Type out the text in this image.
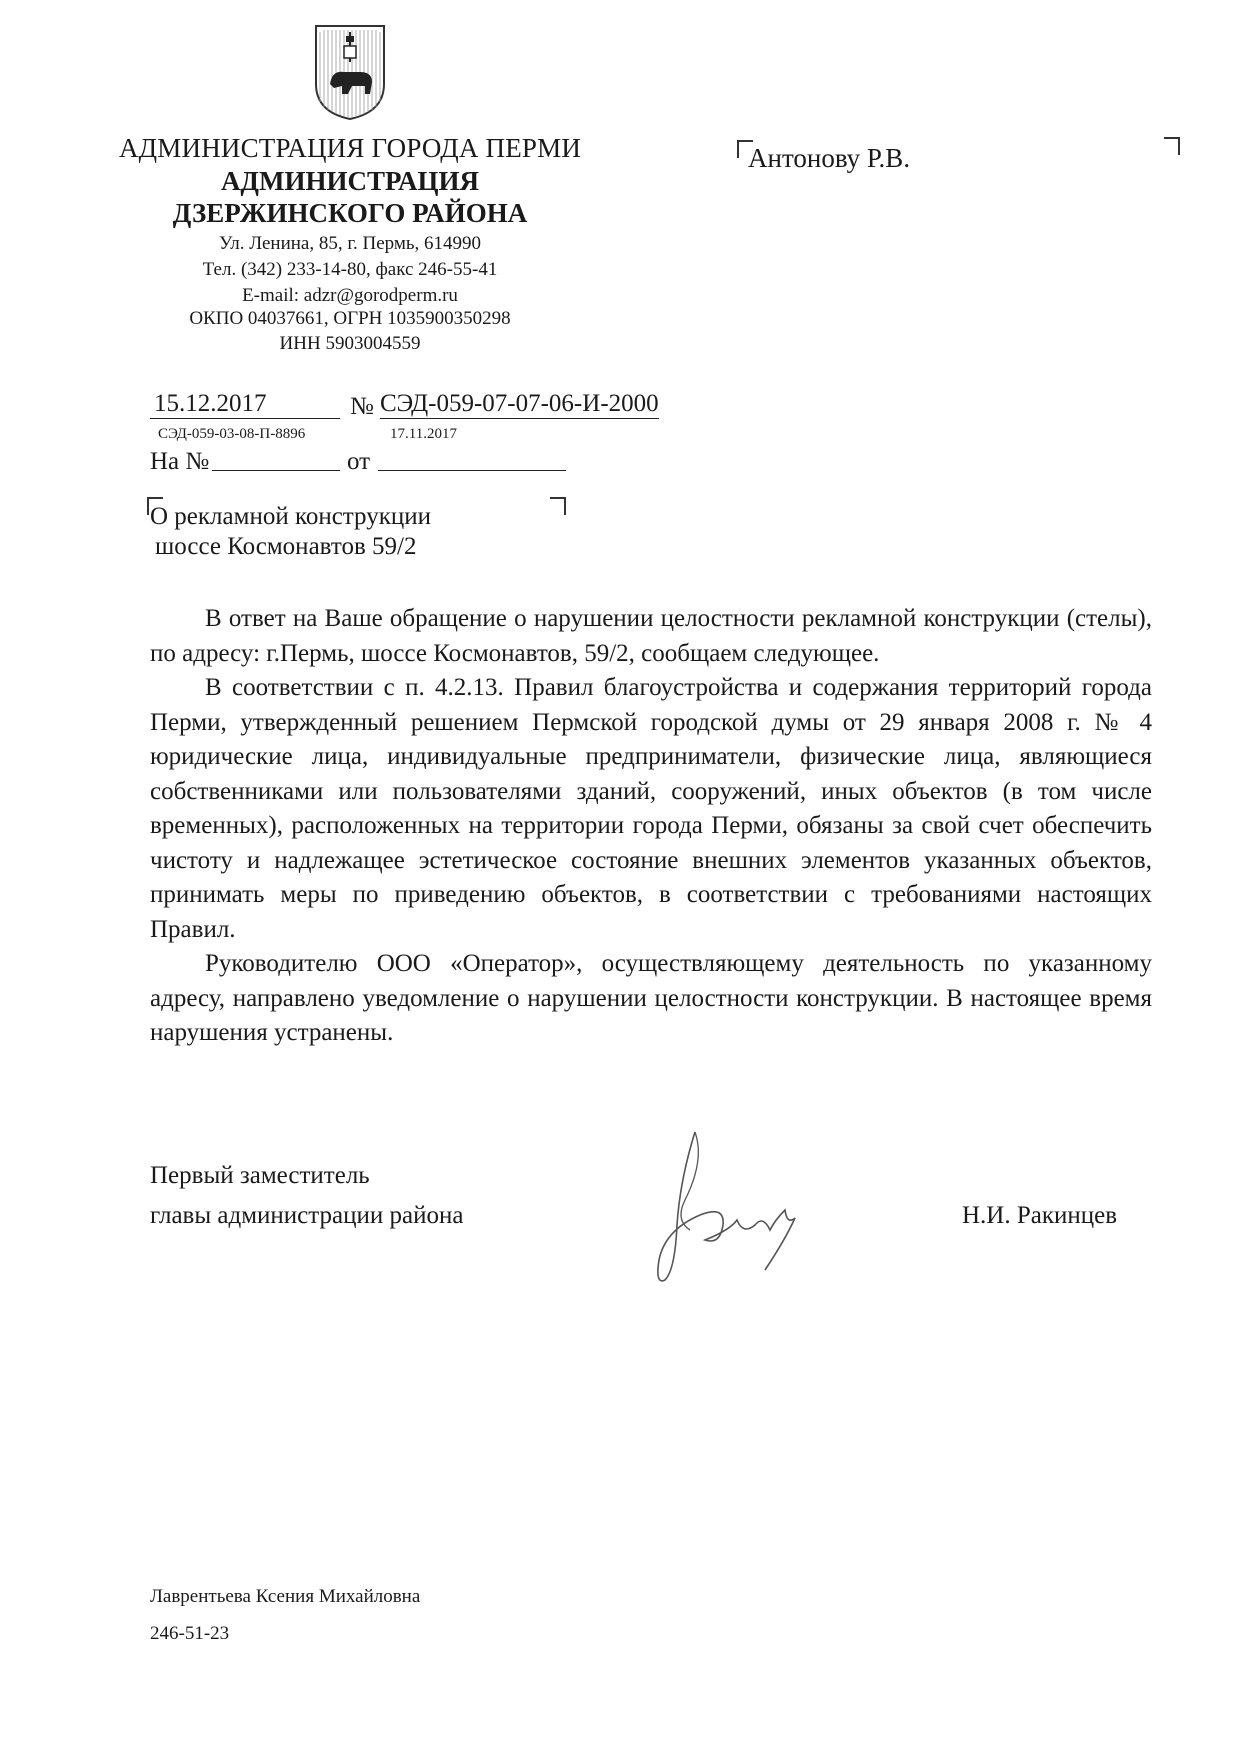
АДМИНИСТРАЦИЯ ГОРОДА ПЕРМИ
АДМИНИСТРАЦИЯ
ДЗЕРЖИНСКОГО РАЙОНА
Ул. Ленина, 85, г. Пермь, 614990
Тел. (342) 233-14-80, факс 246-55-41
E-mail: adzr@gorodperm.ru
ОКПО 04037661, ОГРН 1035900350298
ИНН 5903004559
Антонову Р.В.
15.12.2017	№ СЭД-059-07-07-06-И-2000
СЭД-059-03-08-П-8896	17.11.2017
На №	от
О рекламной конструкции
шоссе Космонавтов 59/2

В ответ на Ваше обращение о нарушении целостности рекламной конструкции (стелы), по адресу: г.Пермь, шоссе Космонавтов, 59/2, сообщаем следующее.

В соответствии с п. 4.2.13. Правил благоустройства и содержания территорий города Перми, утвержденный решением Пермской городской думы от 29 января 2008 г. № 4 юридические лица, индивидуальные предприниматели, физические лица, являющиеся собственниками или пользователями зданий, сооружений, иных объектов (в том числе временных), расположенных на территории города Перми, обязаны за свой счет обеспечить чистоту и надлежащее эстетическое состояние внешних элементов указанных объектов, принимать меры по приведению объектов, в соответствии с требованиями настоящих Правил.

Руководителю ООО «Оператор», осуществляющему деятельность по указанному адресу, направлено уведомление о нарушении целостности конструкции. В настоящее время нарушения устранены.

Первый заместитель
главы администрации района	Н.И. Ракинцев
Лаврентьева Ксения Михайловна
246-51-23
